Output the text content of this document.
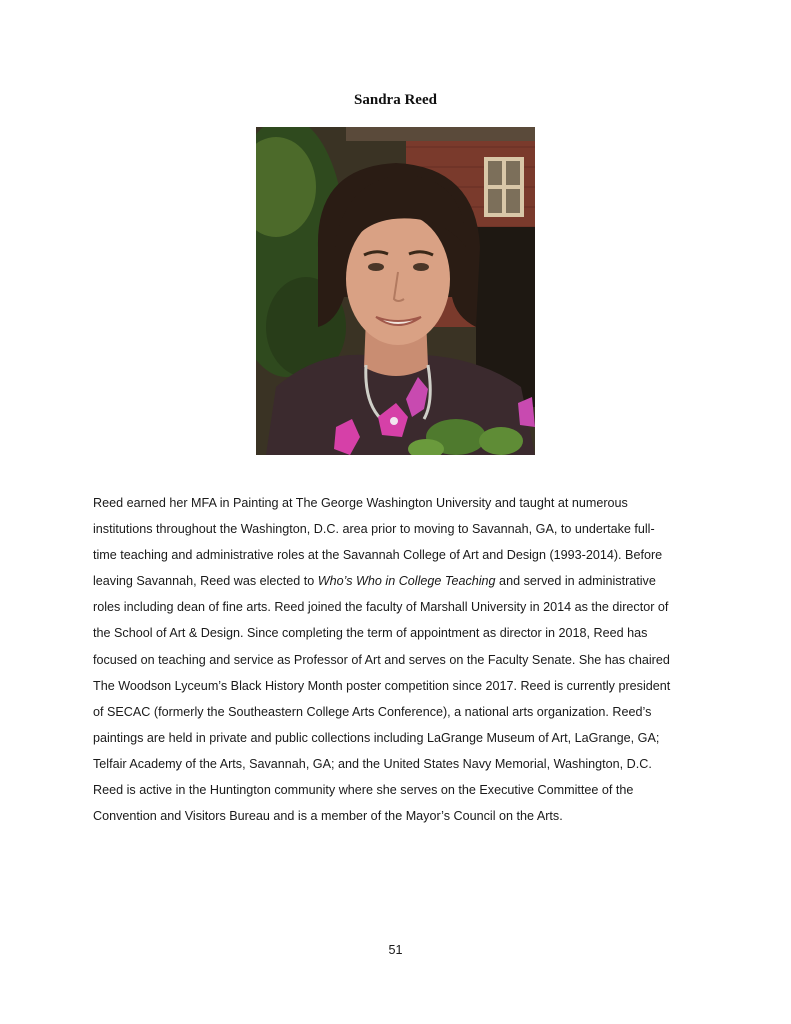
Sandra Reed
Reed earned her MFA in Painting at The George Washington University and taught at numerous
institutions throughout the Washington, D.C. area prior to moving to Savannah, GA, to undertake full-
time teaching and administrative roles at the Savannah College of Art and Design (1993-2014). Before
leaving Savannah, Reed was elected to Who’s Who in College Teaching and served in administrative
roles including dean of fine arts. Reed joined the faculty of Marshall University in 2014 as the director of
the School of Art & Design. Since completing the term of appointment as director in 2018, Reed has
focused on teaching and service as Professor of Art and serves on the Faculty Senate. She has chaired
The Woodson Lyceum’s Black History Month poster competition since 2017. Reed is currently president
of SECAC (formerly the Southeastern College Arts Conference), a national arts organization. Reed’s
paintings are held in private and public collections including LaGrange Museum of Art, LaGrange, GA;
Telfair Academy of the Arts, Savannah, GA; and the United States Navy Memorial, Washington, D.C.
Reed is active in the Huntington community where she serves on the Executive Committee of the
Convention and Visitors Bureau and is a member of the Mayor’s Council on the Arts.
51
